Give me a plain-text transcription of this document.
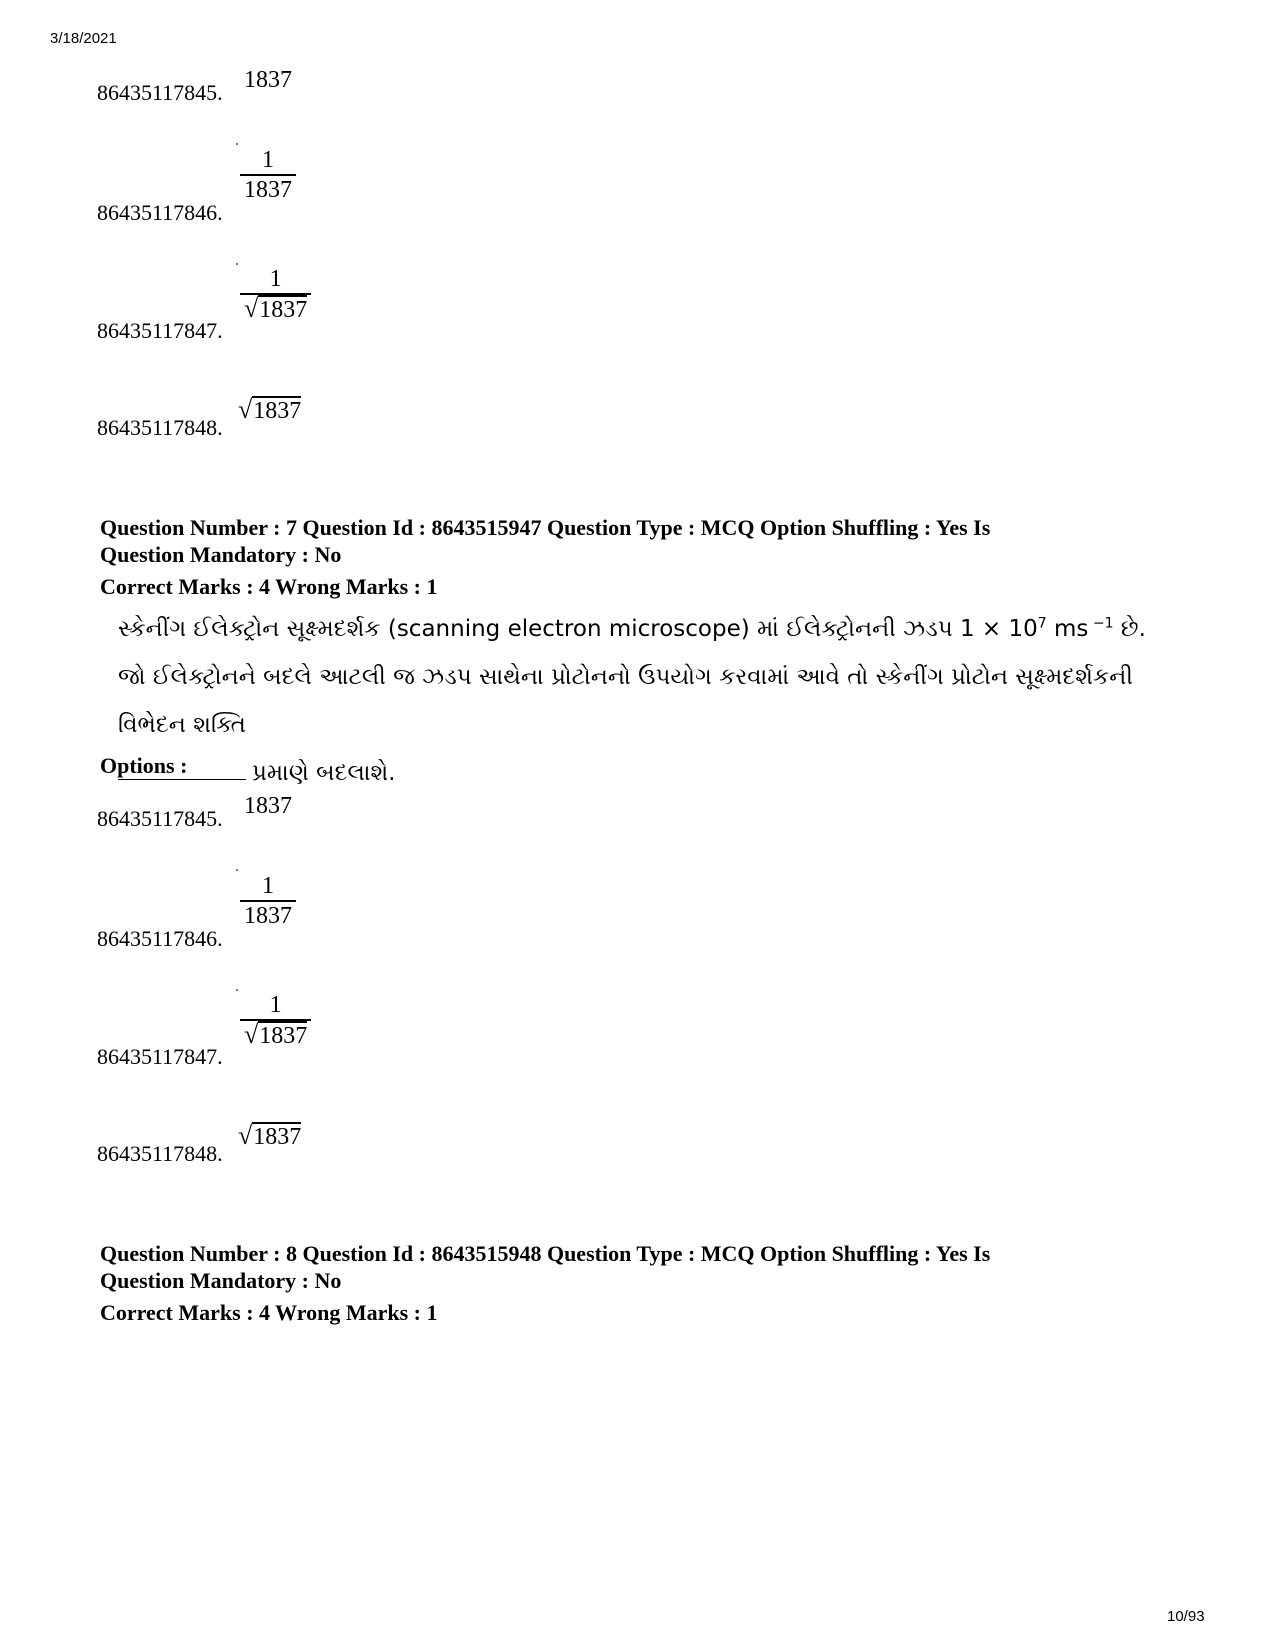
3/18/2021
10/93
86435117845. 1837
86435117846.
$\frac{1}{1837}$
86435117847.
$\frac{1}{√1837}$
86435117848.
√1837
Question Number : 7 Question Id : 8643515947 Question Type : MCQ Option Shuffling : Yes Is
Question Mandatory : No
Correct Marks : 4 Wrong Marks : 1
સ્કેનીંગ ઈલેક્ટ્રોન સૂક્ષ્મદર્શક (scanning electron microscope) માં ઈલેક્ટ્રોનની ઝડપ $1 \times 10^7$ ms $^{-1}$ છે. જો ઈલેક્ટ્રોનને બદલે આટલી જ ઝડપ સાથેના પ્રોટોનનો ઉપયોગ કરવામાં આવે તો સ્કેનીંગ પ્રોટોન સૂક્ષ્મદર્શકની વિભેદન શક્તિ
પ્રમાણે બદલાશે.
Options :
86435117845. 1837
86435117846.
$\frac{1}{1837}$
86435117847.
$\frac{1}{√1837}$
86435117848.
√1837
Question Number : 8 Question Id : 8643515948 Question Type : MCQ Option Shuffling : Yes Is
Question Mandatory : No
Correct Marks : 4 Wrong Marks : 1
